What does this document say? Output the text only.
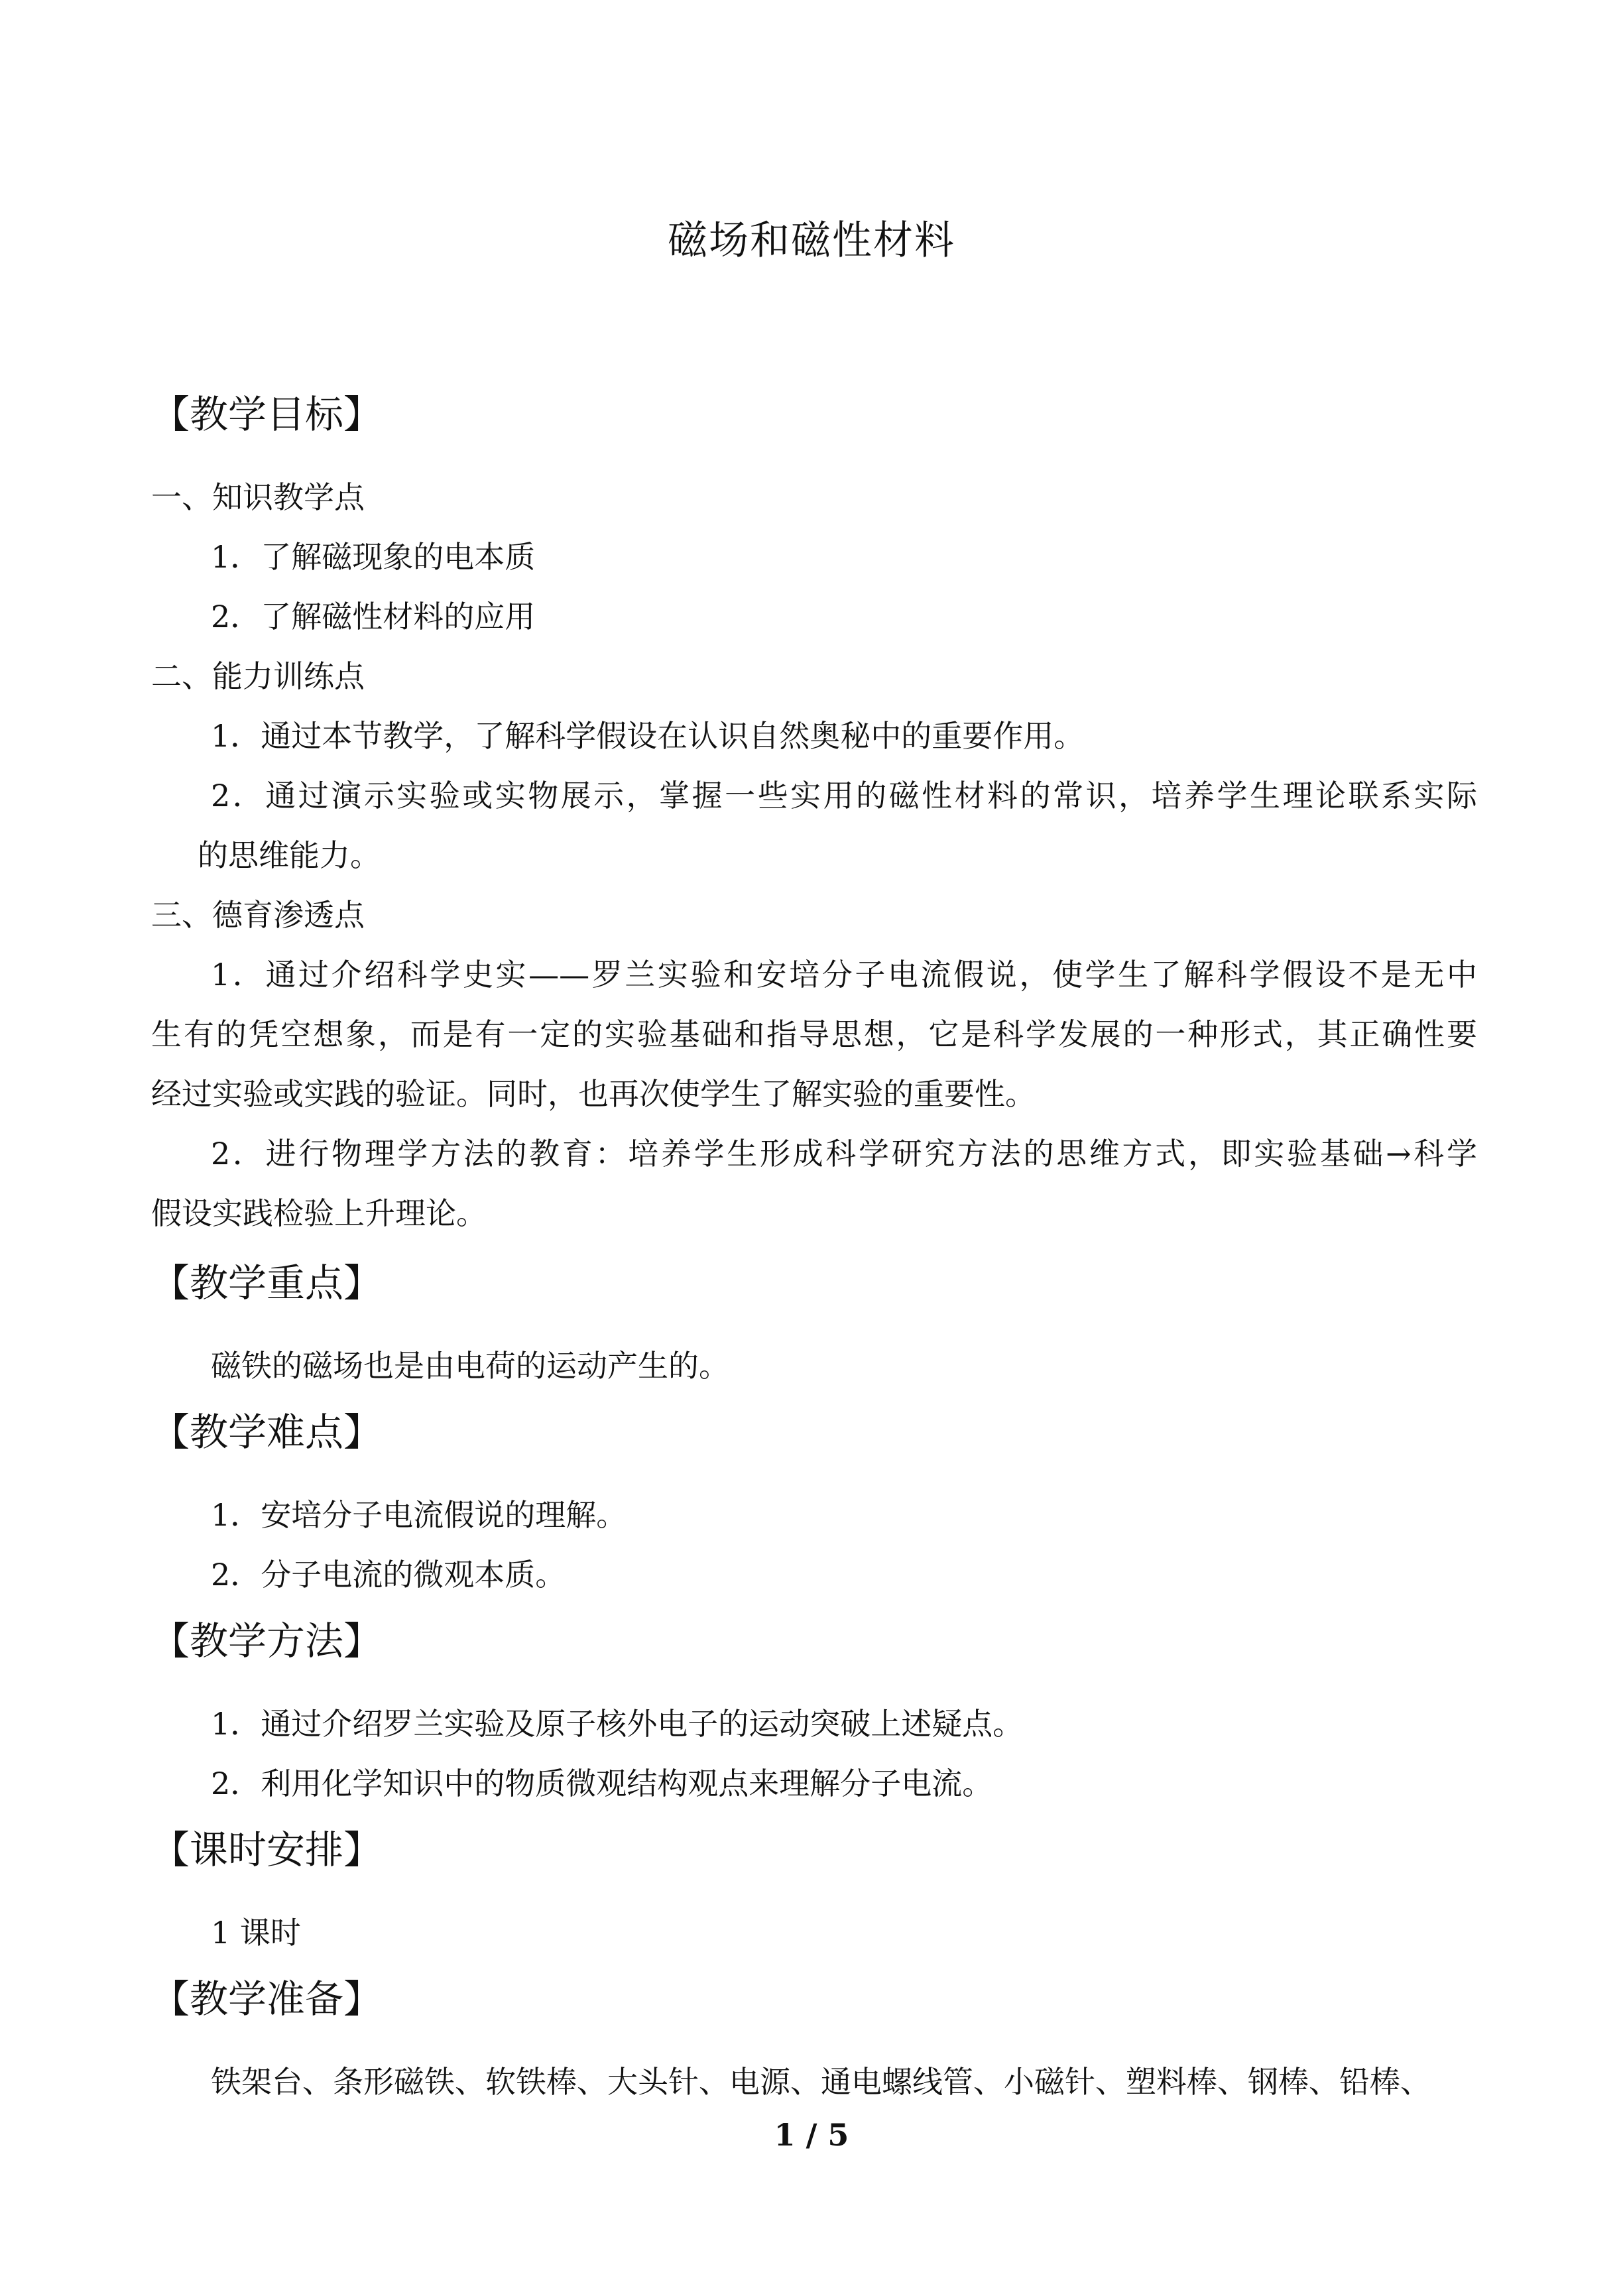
磁场和磁性材料
【教学目标】
一、知识教学点
1．了解磁现象的电本质
2．了解磁性材料的应用
二、能力训练点
1．通过本节教学，了解科学假设在认识自然奥秘中的重要作用。
2．通过演示实验或实物展示，掌握一些实用的磁性材料的常识，培养学生理论联系实际
的思维能力。
三、德育渗透点
1．通过介绍科学史实——罗兰实验和安培分子电流假说，使学生了解科学假设不是无中
生有的凭空想象，而是有一定的实验基础和指导思想，它是科学发展的一种形式，其正确性要
经过实验或实践的验证。同时，也再次使学生了解实验的重要性。
2．进行物理学方法的教育：培养学生形成科学研究方法的思维方式，即实验基础→科学
假设实践检验上升理论。
【教学重点】
磁铁的磁场也是由电荷的运动产生的。
【教学难点】
1．安培分子电流假说的理解。
2．分子电流的微观本质。
【教学方法】
1．通过介绍罗兰实验及原子核外电子的运动突破上述疑点。
2．利用化学知识中的物质微观结构观点来理解分子电流。
【课时安排】
1 课时
【教学准备】
铁架台、条形磁铁、软铁棒、大头针、电源、通电螺线管、小磁针、塑料棒、钢棒、铅棒、
1 / 5
